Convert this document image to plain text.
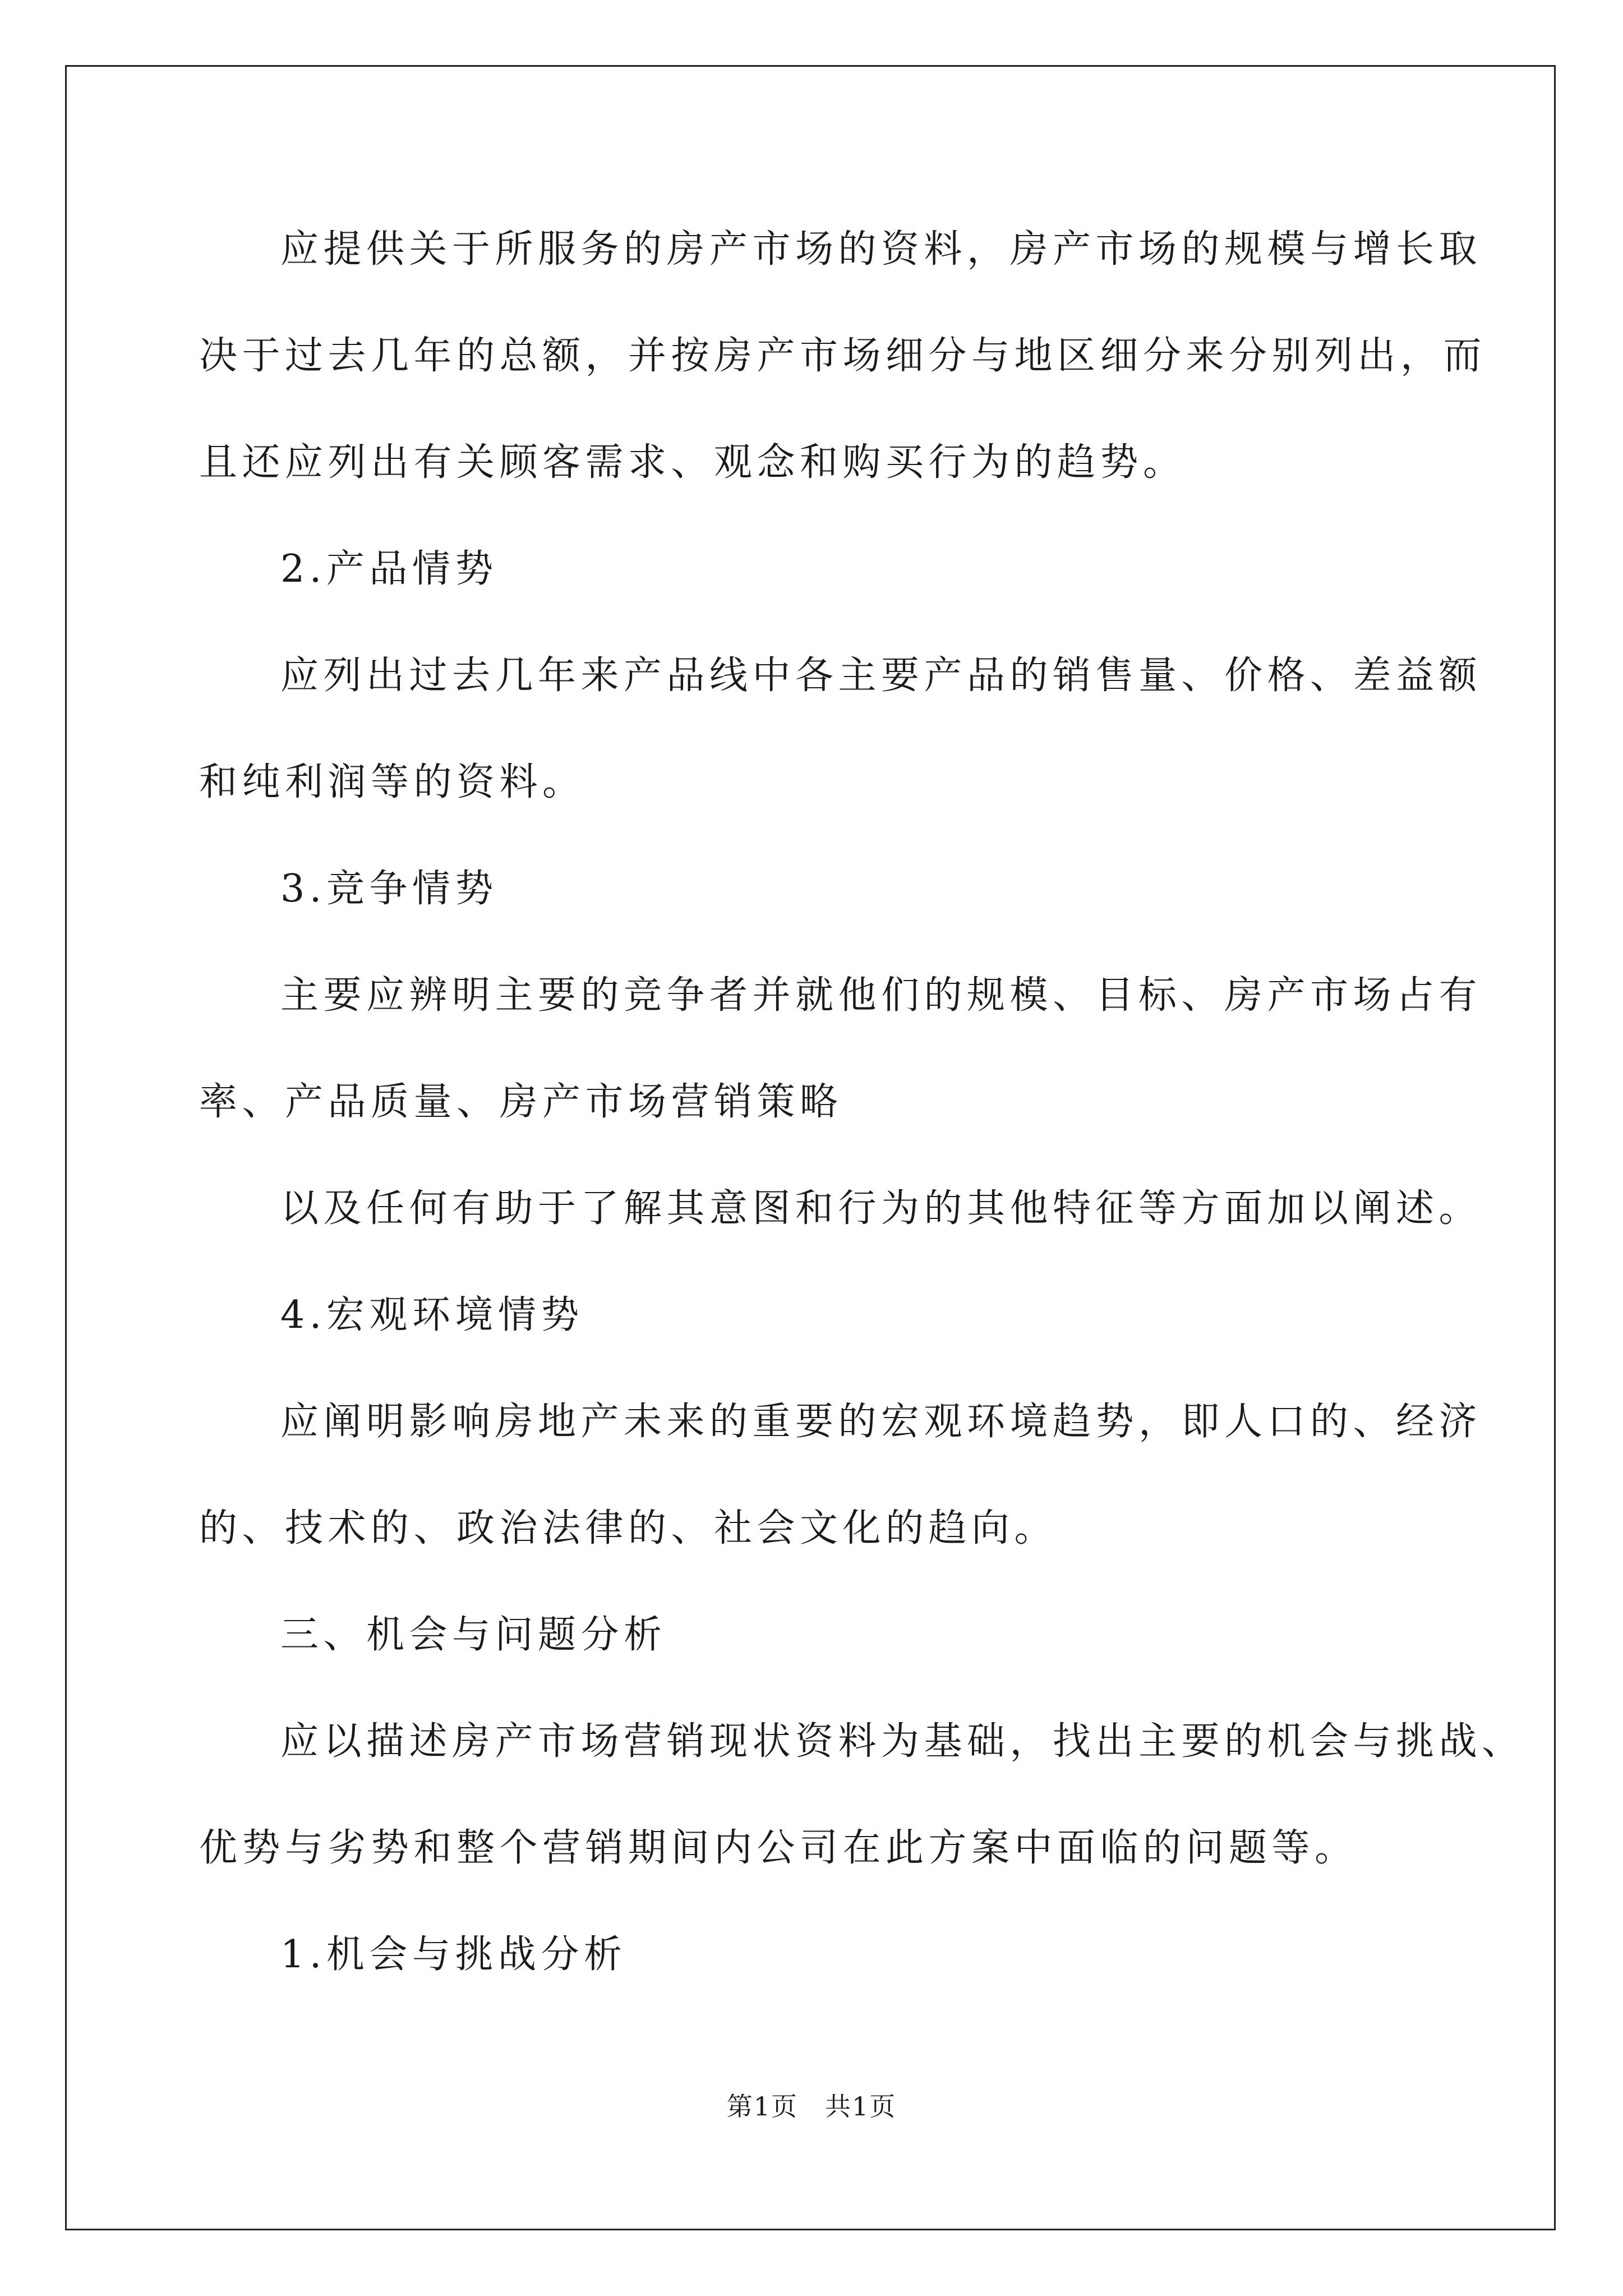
应提供关于所服务的房产市场的资料，房产市场的规模与增长取
决于过去几年的总额，并按房产市场细分与地区细分来分别列出，而
且还应列出有关顾客需求、观念和购买行为的趋势。
2.产品情势
应列出过去几年来产品线中各主要产品的销售量、价格、差益额
和纯利润等的资料。
3.竞争情势
主要应辨明主要的竞争者并就他们的规模、目标、房产市场占有
率、产品质量、房产市场营销策略
以及任何有助于了解其意图和行为的其他特征等方面加以阐述。
4.宏观环境情势
应阐明影响房地产未来的重要的宏观环境趋势，即人口的、经济
的、技术的、政治法律的、社会文化的趋向。
三、机会与问题分析
应以描述房产市场营销现状资料为基础，找出主要的机会与挑战、
优势与劣势和整个营销期间内公司在此方案中面临的问题等。
1.机会与挑战分析
第1页　共1页
